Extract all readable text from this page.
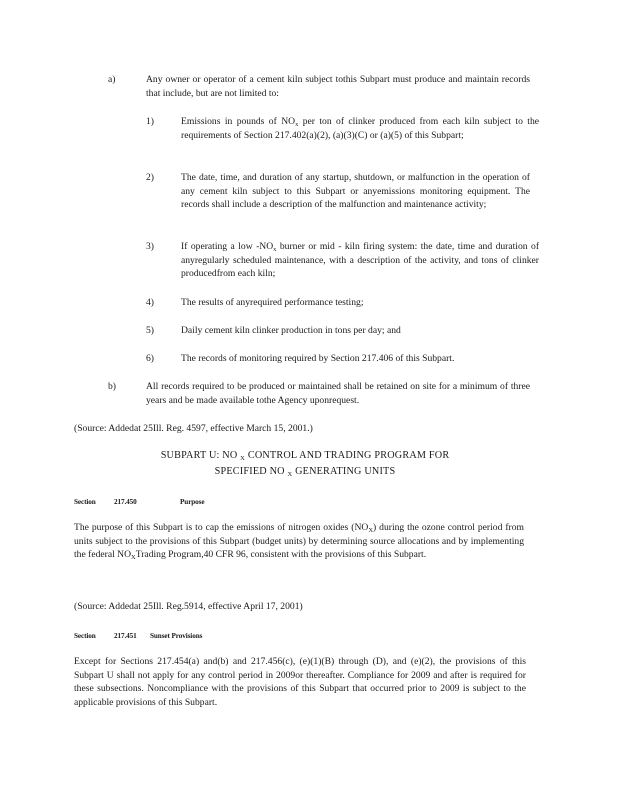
a)	Any owner or operator of a cement kiln subject tothis Subpart must produce and maintain records that include, but are not limited to:
1)	Emissions in pounds of $NO_x$ per ton of clinker produced from each kiln subject to the requirements of Section 217.402(a)(2), (a)(3)(C) or (a)(5) of this Subpart;
2)	The date, time, and duration of any startup, shutdown, or malfunction in the operation of any cement kiln subject to this Subpart or anyemissions monitoring equipment. The records shall include a description of the malfunction and maintenance activity;
3)	If operating a low $-NO_x$ burner or mid - kiln firing system: the date, time and duration of anyregularly scheduled maintenance, with a description of the activity, and tons of clinker producedfrom each kiln;
4)	The results of anyrequired performance testing;
5)	Daily cement kiln clinker production in tons per day; and
6)	The records of monitoring required by Section 217.406 of this Subpart.
b)	All records required to be produced or maintained shall be retained on site for a minimum of three years and be made available tothe Agency uponrequest.
(Source: Addedat 25Ill. Reg. 4597, effective March 15, 2001.)
SUBPART U: NO $_X$ CONTROL AND TRADING PROGRAM FOR
SPECIFIED NO $_X$ GENERATING UNITS
Section	217.450	Purpose
The purpose of this Subpart is to cap the emissions of nitrogen oxides $(NO_X)$ during the ozone control period from units subject to the provisions of this Subpart (budget units) by determining source allocations and by implementing the federal $NO_XTrading$ Program,40 CFR 96, consistent with the provisions of this Subpart.
(Source: Addedat 25Ill. Reg.5914, effective April 17, 2001)
Section	217.451 Sunset Provisions
Except for Sections 217.454(a) and(b) and 217.456(c), (e)(1)(B) through (D), and (e)(2), the provisions of this Subpart U shall not apply for any control period in 2009or thereafter. Compliance for 2009 and after is required for these subsections. Noncompliance with the provisions of this Subpart that occurred prior to 2009 is subject to the applicable provisions of this Subpart.
